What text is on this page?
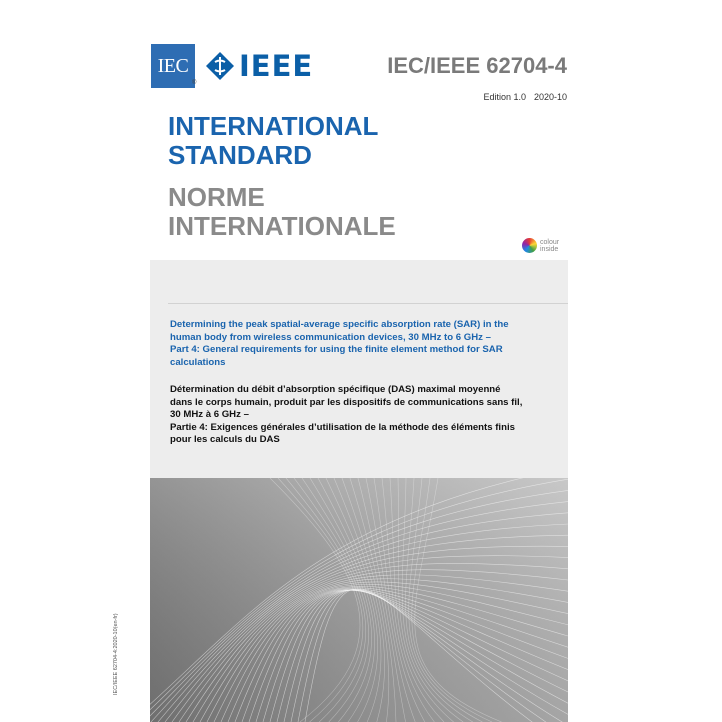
IEC
® IEEE	IEC/IEEE 62704-4
Edition 1.0 2020-10
INTERNATIONAL
STANDARD
NORME
INTERNATIONALE
colour
inside

Determining the peak spatial-average specific absorption rate (SAR) in the
human body from wireless communication devices, 30 MHz to 6 GHz –
Part 4: General requirements for using the finite element method for SAR
calculations

Détermination du débit d’absorption spécifique (DAS) maximal moyenné
dans le corps humain, produit par les dispositifs de communications sans fil,
30 MHz à 6 GHz –
Partie 4: Exigences générales d’utilisation de la méthode des éléments finis
pour les calculs du DAS

IEC/IEEE 62704-4:2020-10(en-fr)
